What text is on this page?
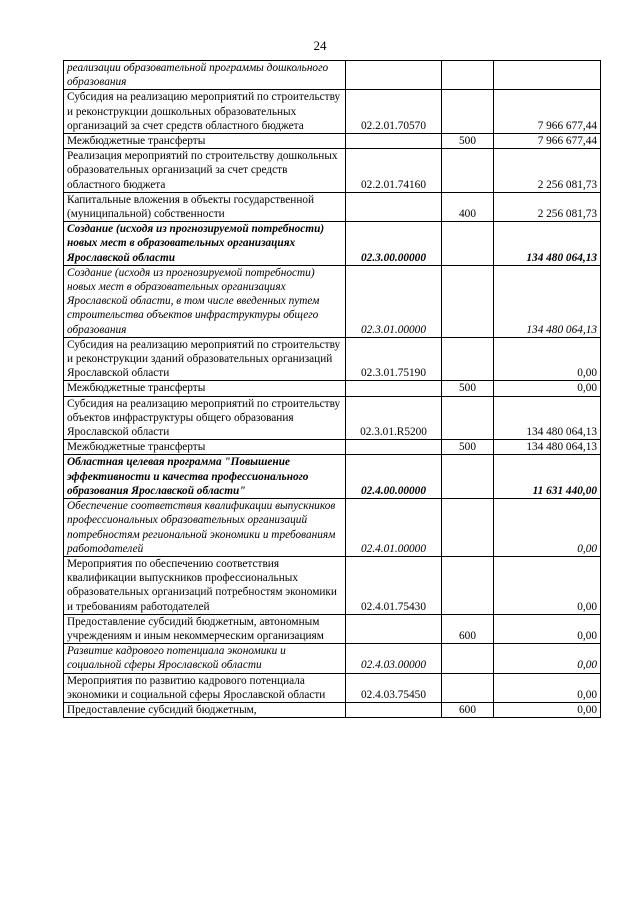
24
реализации образовательной программы дошкольного образования			
Субсидия на реализацию мероприятий по строительству и реконструкции дошкольных образовательных организаций за счет средств областного бюджета	02.2.01.70570		7 966 677,44
Межбюджетные трансферты		500	7 966 677,44
Реализация мероприятий по строительству дошкольных образовательных организаций за счет средств областного бюджета	02.2.01.74160		2 256 081,73
Капитальные вложения в объекты государственной (муниципальной) собственности		400	2 256 081,73
Создание (исходя из прогнозируемой потребности) новых мест в образовательных организациях Ярославской области	02.3.00.00000		134 480 064,13
Создание (исходя из прогнозируемой потребности) новых мест в образовательных организациях Ярославской области, в том числе введенных путем строительства объектов инфраструктуры общего образования	02.3.01.00000		134 480 064,13
Субсидия на реализацию мероприятий по строительству и реконструкции зданий образовательных организаций Ярославской области	02.3.01.75190		0,00
Межбюджетные трансферты		500	0,00
Субсидия на реализацию мероприятий по строительству объектов инфраструктуры общего образования Ярославской области	02.3.01.R5200		134 480 064,13
Межбюджетные трансферты		500	134 480 064,13
Областная целевая программа "Повышение эффективности и качества профессионального образования Ярославской области"	02.4.00.00000		11 631 440,00
Обеспечение соответствия квалификации выпускников профессиональных образовательных организаций потребностям региональной экономики и требованиям работодателей	02.4.01.00000		0,00
Мероприятия по обеспечению соответствия квалификации выпускников профессиональных образовательных организаций потребностям экономики и требованиям работодателей	02.4.01.75430		0,00
Предоставление субсидий бюджетным, автономным учреждениям и иным некоммерческим организациям		600	0,00
Развитие кадрового потенциала экономики и социальной сферы Ярославской области	02.4.03.00000		0,00
Мероприятия по развитию кадрового потенциала экономики и социальной сферы Ярославской области	02.4.03.75450		0,00
Предоставление субсидий бюджетным,		600	0,00
